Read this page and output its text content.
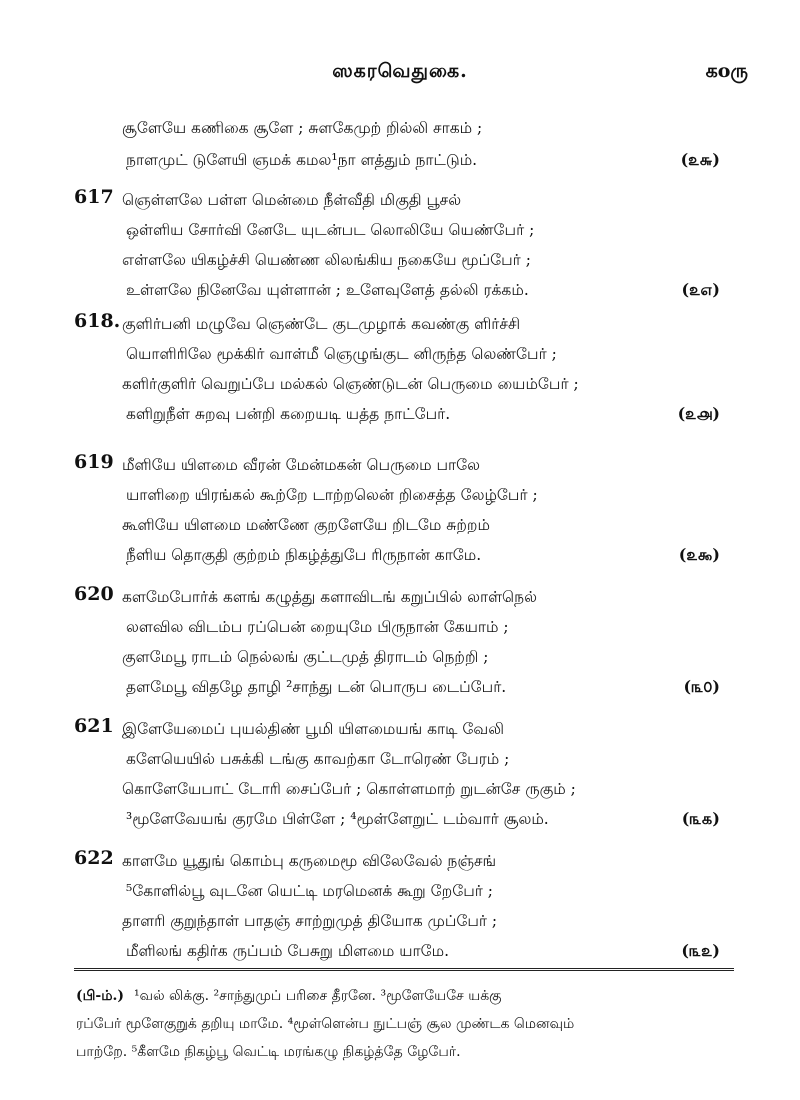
ஸகரவெதுகை.	கoரு
சூளேயே கணிகை சூளே ; சுளகேமுற் றில்லி சாகம் ;
நாளமுட் டுளேயி ஞமக் கமல¹நா ளத்தும் நாட்டும்.	(௨௬)
617 ஞெள்ளலே பள்ள மென்மை நீள்வீதி மிகுதி பூசல்
ஒள்ளிய சோர்வி னேடே யுடன்பட லொலியே யெண்பேர் ;
எள்ளலே யிகழ்ச்சி யெண்ண லிலங்கிய நகையே மூப்பேர் ;
உள்ளலே நினேவே யுள்ளான் ; உளேவுளேத் தல்லி ரக்கம்.	(௨௭)
618. குளிர்பனி மழுவே ஞெண்டே குடமுழாக் கவண்கு ளிர்ச்சி
யொளிரிலே மூக்கிர் வாள்மீ ஞெழுங்குட னிருந்த லெண்பேர் ;
களிர்குளிர் வெறுப்பே மல்கல் ஞெண்டுடன் பெருமை யைம்பேர் ;
களிறுநீள் சுறவு பன்றி கறையடி யத்த நாட்பேர்.	(௨௮)
619 மீளியே யிளமை வீரன் மேன்மகன் பெருமை பாலே
யாளிறை யிரங்கல் கூற்றே டாற்றலென் றிசைத்த லேழ்பேர் ;
கூளியே யிளமை மண்ணே குறளேயே றிடமே சுற்றம்
நீளிய தொகுதி குற்றம் நிகழ்த்துபே ரிருநான் காமே.	(௨௯)
620 களமேபோர்க் களங் கழுத்து களாவிடங் கறுப்பில் லாள்நெல்
லளவில விடம்ப ரப்பென் றையுமே பிருநான் கேயாம் ;
குளமேபூ ராடம் நெல்லங் குட்டமுத் திராடம் நெற்றி ;
தளமேபூ விதழே தாழி ²சாந்து டன் பொருப டைப்பேர்.	(௩௦)
621 இளேயேமைப் புயல்திண் பூமி யிளமையங் காடி வேலி
களேயெயில் பசுக்கி டங்கு காவற்கா டோரெண் பேரம் ;
கொளேயேபாட் டோரி சைப்பேர் ; கொள்ளமாற் றுடன்சே ருகும் ;
³மூளேவேயங் குரமே பிள்ளே ; ⁴மூள்ளேறுட் டம்வார் சூலம்.	(௩௧)
622 காளமே யூதுங் கொம்பு கருமைமூ விலேவேல் நஞ்சங்
⁵கோளில்பூ வுடனே யெட்டி மரமெனக் கூறு றேபேர் ;
தாளரி குறுந்தாள் பாதஞ் சாற்றுமுத் தியோக முப்பேர் ;
மீளிலங் கதிர்க ருப்பம் பேசுறு மிளமை யாமே.	(௩௨)
(பி-ம்.) ¹வல் லிக்கு. ²சாந்துமுப் பரிசை தீரனே. ³மூளேயேசே யக்கு
ரப்பேர் மூளேகுறுக் தறியு மாமே. ⁴மூள்ளென்ப நுட்பஞ் சூல முண்டக மெனவும்
பாற்றே. ⁵கீளமே நிகழ்பூ வெட்டி மரங்கழு நிகழ்த்தே ழேபேர்.
